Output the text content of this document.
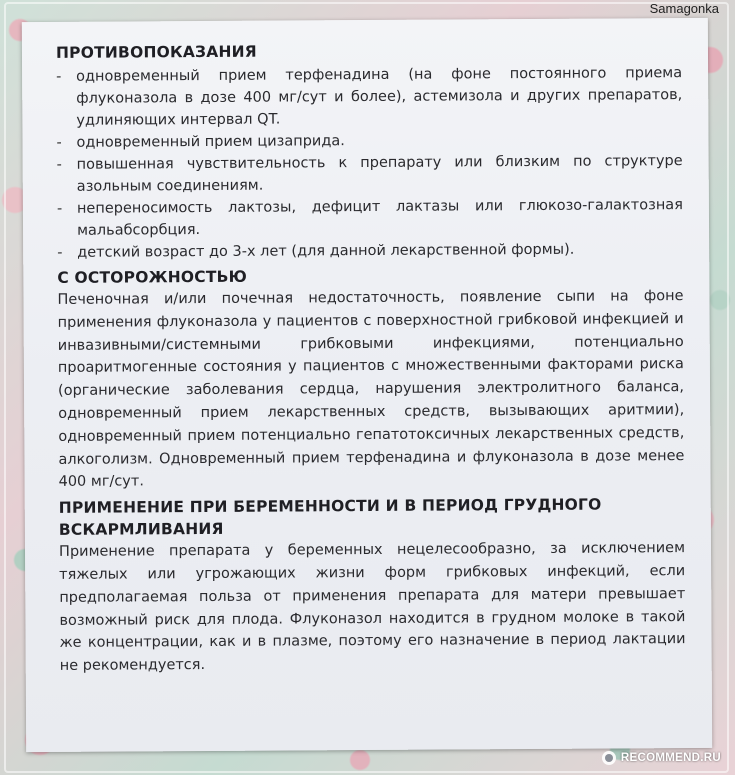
Samagonka

ПРОТИВОПОКАЗАНИЯ
- одновременный прием терфенадина (на фоне постоянного приема флуконазола в дозе 400 мг/сут и более), астемизола и других препаратов, удлиняющих интервал QT.
- одновременный прием цизаприда.
- повышенная чувствительность к препарату или близким по структуре азольным соединениям.
- непереносимость лактозы, дефицит лактазы или глюкозо-галактозная мальабсорбция.
- детский возраст до 3-х лет (для данной лекарственной формы).
С ОСТОРОЖНОСТЬЮ

Печеночная и/или почечная недостаточность, появление сыпи на фоне применения флуконазола у пациентов с поверхностной грибковой инфекцией и инвазивными/системными грибковыми инфекциями, потенциально проаритмогенные состояния у пациентов с множественными факторами риска (органические заболевания сердца, нарушения электролитного баланса, одновременный прием лекарственных средств, вызывающих аритмии), одновременный прием потенциально гепатотоксичных лекарственных средств, алкоголизм. Одновременный прием терфенадина и флуконазола в дозе менее 400 мг/сут.

ПРИМЕНЕНИЕ ПРИ БЕРЕМЕННОСТИ И В ПЕРИОД ГРУДНОГО ВСКАРМЛИВАНИЯ

Применение препарата у беременных нецелесообразно, за исключением тяжелых или угрожающих жизни форм грибковых инфекций, если предполагаемая польза от применения препарата для матери превышает возможный риск для плода. Флуконазол находится в грудном молоке в такой же концентрации, как и в плазме, поэтому его назначение в период лактации не рекомендуется.

RECOMMEND.RU
